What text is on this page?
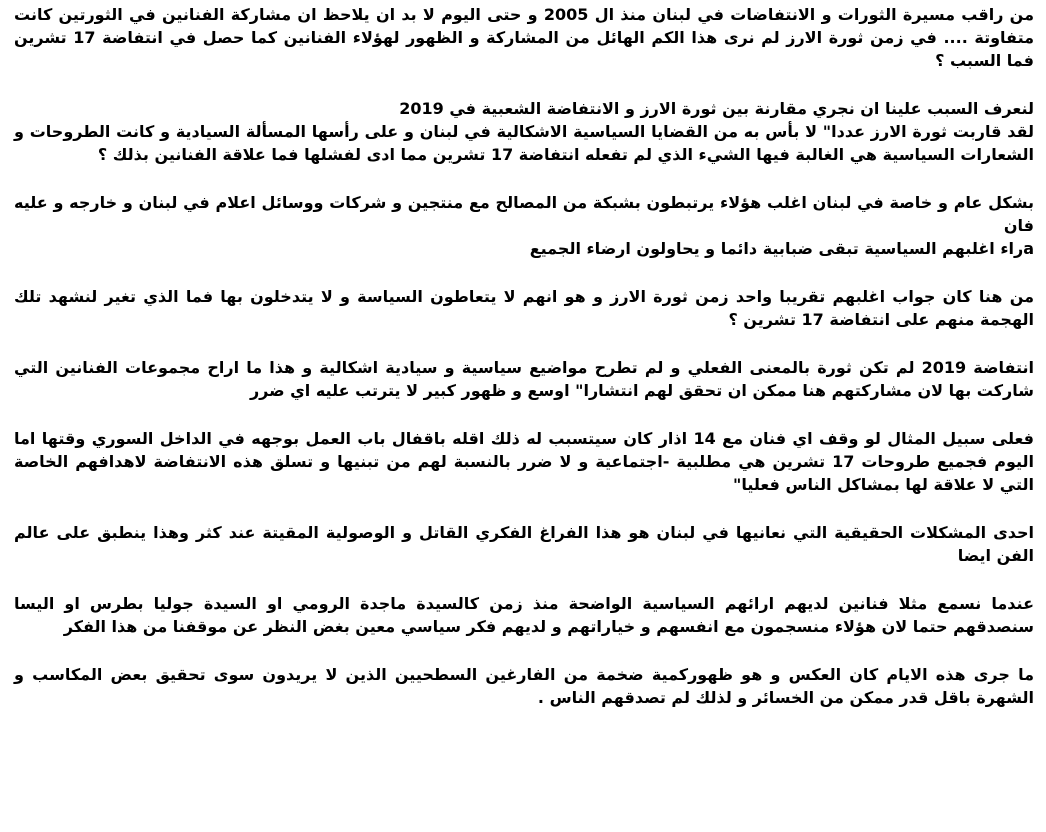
من راقب مسيرة الثورات و الانتفاضات في لبنان منذ ال 2005 و حتى اليوم لا بد ان يلاحظ ان مشاركة الفنانين في الثورتين كانت متفاوتة .... في زمن ثورة الارز لم نرى هذا الكم الهائل من المشاركة و الظهور لهؤلاء الفنانين كما حصل في انتفاضة 17 تشرين فما السبب ؟

لنعرف السبب علينا ان نجري مقارنة بين ثورة الارز و الانتفاضة الشعبية في 2019
لقد قاربت ثورة الارز عددا" لا بأس به من القضايا السياسية الاشكالية في لبنان و على رأسها المسألة السيادية و كانت الطروحات و الشعارات السياسية هي الغالبة فيها الشيء الذي لم تفعله انتفاضة 17 تشرين مما ادى لفشلها فما علاقة الفنانين بذلك ؟

بشكل عام و خاصة في لبنان اغلب هؤلاء يرتبطون بشبكة من المصالح مع منتجين و شركات ووسائل اعلام في لبنان و خارجه و عليه فان
aراء اغلبهم السياسية تبقى ضبابية دائما و يحاولون ارضاء الجميع

من هنا كان جواب اغلبهم تقريبا واحد زمن ثورة الارز و هو انهم لا يتعاطون السياسة و لا يتدخلون بها فما الذي تغير لنشهد تلك الهجمة منهم على انتفاضة 17 تشرين ؟

انتفاضة 2019 لم تكن ثورة بالمعنى الفعلي و لم تطرح مواضيع سياسية و سيادية اشكالية و هذا ما اراح مجموعات الفنانين التي شاركت بها لان مشاركتهم هنا ممكن ان تحقق لهم انتشارا" اوسع و ظهور كبير لا يترتب عليه اي ضرر

فعلى سبيل المثال لو وقف اي فنان مع 14 اذار كان سيتسبب له ذلك اقله باقفال باب العمل بوجهه في الداخل السوري وقتها اما اليوم فجميع طروحات 17 تشرين هي مطلبية -اجتماعية و لا ضرر بالنسبة لهم من تبنيها و تسلق هذه الانتفاضة لاهدافهم الخاصة التي لا علاقة لها بمشاكل الناس فعليا"

احدى المشكلات الحقيقية التي نعانيها في لبنان هو هذا الفراغ الفكري القاتل و الوصولية المقيتة عند كثر وهذا ينطبق على عالم الفن ايضا

عندما نسمع مثلا فنانين لديهم ارائهم السياسية الواضحة منذ زمن كالسيدة ماجدة الرومي او السيدة جوليا بطرس او اليسا سنصدقهم حتما لان هؤلاء منسجمون مع انفسهم و خياراتهم و لديهم فكر سياسي معين بغض النظر عن موقفنا من هذا الفكر

ما جرى هذه الايام كان العكس و هو ظهوركمية ضخمة من الفارغين السطحيين الذين لا يريدون سوى تحقيق بعض المكاسب و الشهرة باقل قدر ممكن من الخسائر و لذلك لم تصدقهم الناس .
